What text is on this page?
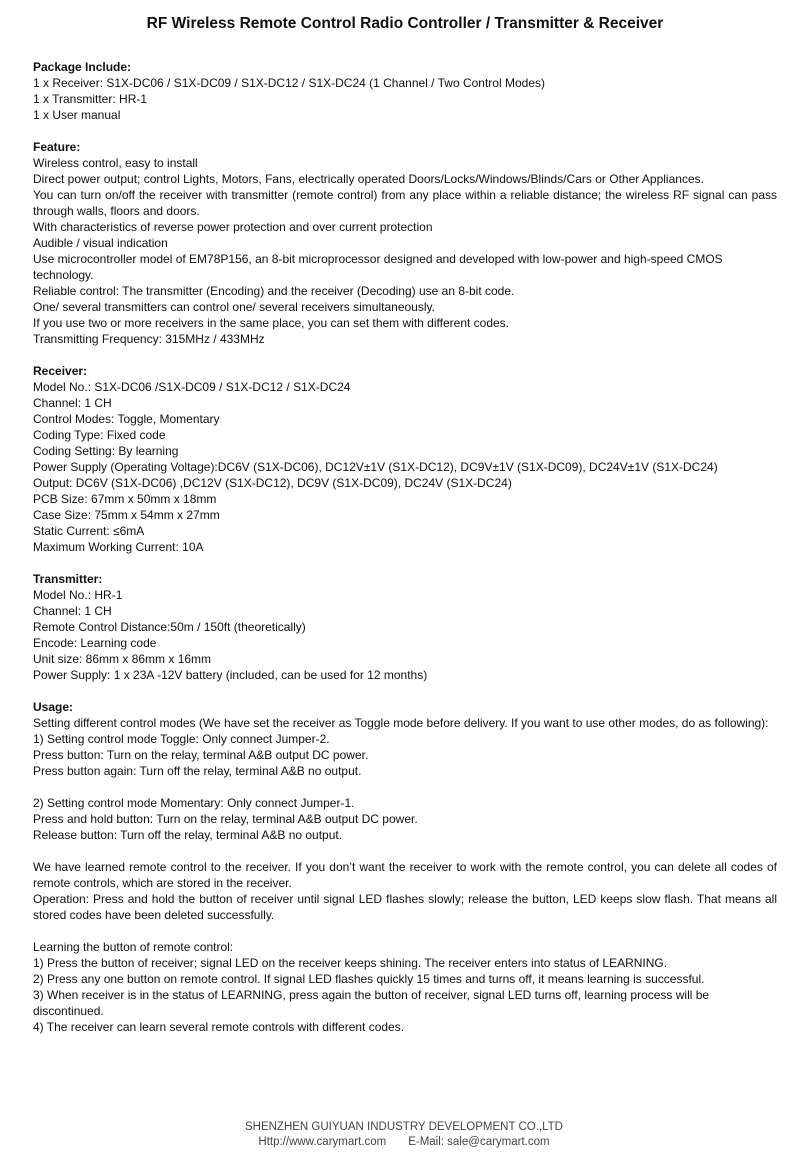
RF Wireless Remote Control Radio Controller / Transmitter & Receiver
Package Include:
1 x Receiver: S1X-DC06 / S1X-DC09 / S1X-DC12 / S1X-DC24 (1 Channel / Two Control Modes)
1 x Transmitter: HR-1
1 x User manual
Feature:
Wireless control, easy to install
Direct power output; control Lights, Motors, Fans, electrically operated Doors/Locks/Windows/Blinds/Cars or Other Appliances.
You can turn on/off the receiver with transmitter (remote control) from any place within a reliable distance; the wireless RF signal can pass through walls, floors and doors.
With characteristics of reverse power protection and over current protection
Audible / visual indication
Use microcontroller model of EM78P156, an 8-bit microprocessor designed and developed with low-power and high-speed CMOS technology.
Reliable control: The transmitter (Encoding) and the receiver (Decoding) use an 8-bit code.
One/ several transmitters can control one/ several receivers simultaneously.
If you use two or more receivers in the same place, you can set them with different codes.
Transmitting Frequency: 315MHz / 433MHz
Receiver:
Model No.: S1X-DC06 /S1X-DC09 / S1X-DC12 / S1X-DC24
Channel: 1 CH
Control Modes: Toggle, Momentary
Coding Type: Fixed code
Coding Setting: By learning
Power Supply (Operating Voltage):DC6V (S1X-DC06), DC12V±1V (S1X-DC12), DC9V±1V (S1X-DC09), DC24V±1V (S1X-DC24)
Output: DC6V (S1X-DC06) ,DC12V (S1X-DC12), DC9V (S1X-DC09), DC24V (S1X-DC24)
PCB Size: 67mm x 50mm x 18mm
Case Size: 75mm x 54mm x 27mm
Static Current: ≤6mA
Maximum Working Current: 10A
Transmitter:
Model No.: HR-1
Channel: 1 CH
Remote Control Distance:50m / 150ft (theoretically)
Encode: Learning code
Unit size: 86mm x 86mm x 16mm
Power Supply: 1 x 23A -12V battery (included, can be used for 12 months)
Usage:
Setting different control modes (We have set the receiver as Toggle mode before delivery. If you want to use other modes, do as following):
1) Setting control mode Toggle: Only connect Jumper-2.
Press button: Turn on the relay, terminal A&B output DC power.
Press button again: Turn off the relay, terminal A&B no output.
2) Setting control mode Momentary: Only connect Jumper-1.
Press and hold button: Turn on the relay, terminal A&B output DC power.
Release button: Turn off the relay, terminal A&B no output.
We have learned remote control to the receiver. If you don’t want the receiver to work with the remote control, you can delete all codes of remote controls, which are stored in the receiver.
Operation: Press and hold the button of receiver until signal LED flashes slowly; release the button, LED keeps slow flash. That means all stored codes have been deleted successfully.
Learning the button of remote control:
1) Press the button of receiver; signal LED on the receiver keeps shining. The receiver enters into status of LEARNING.
2) Press any one button on remote control. If signal LED flashes quickly 15 times and turns off, it means learning is successful.
3) When receiver is in the status of LEARNING, press again the button of receiver, signal LED turns off, learning process will be discontinued.
4) The receiver can learn several remote controls with different codes.
SHENZHEN GUIYUAN INDUSTRY DEVELOPMENT CO.,LTD
Http://www.carymart.com E-Mail: sale@carymart.com
